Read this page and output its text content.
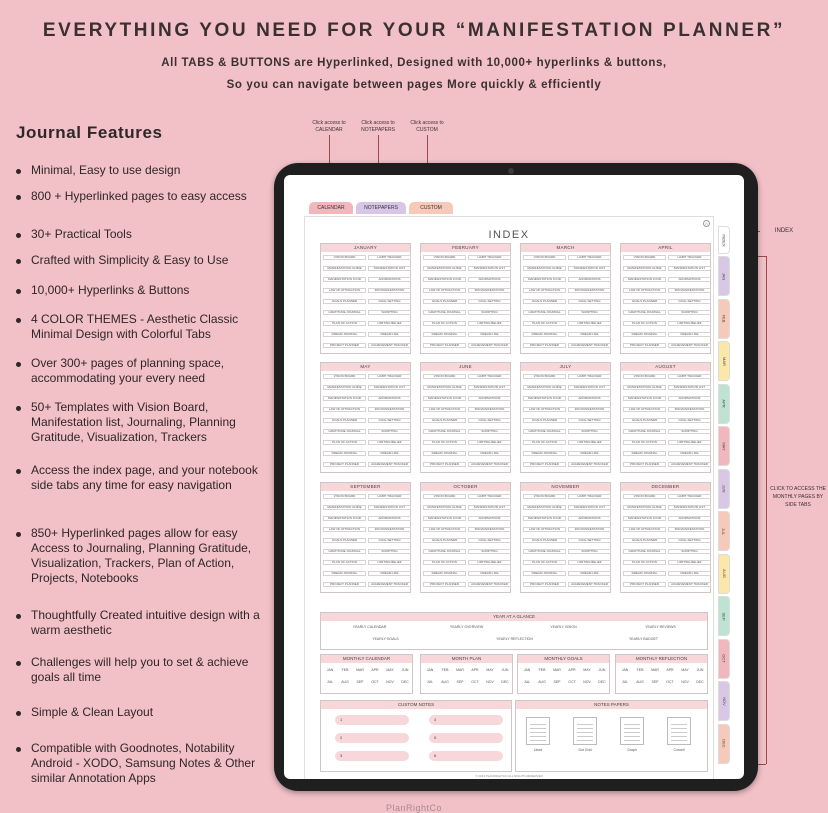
EVERYTHING YOU NEED FOR YOUR “MANIFESTATION PLANNER”
All TABS & BUTTONS are Hyperlinked, Designed with 10,000+ hyperlinks & buttons,
So you can navigate between pages More quickly & efficiently
Journal Features
Minimal, Easy to use design
800 + Hyperlinked pages to easy access
30+ Practical Tools
Crafted with Simplicity & Easy to Use
10,000+ Hyperlinks & Buttons
4 COLOR THEMES - Aesthetic Classic Minimal Design with Colorful Tabs
Over 300+ pages of planning space, accommodating your every need
50+ Templates with Vision Board, Manifestation list, Journaling, Planning Gratitude, Visualization, Trackers
Access the index page, and your notebook side tabs any time for easy navigation
850+ Hyperlinked pages allow for easy Access to Journaling, Planning Gratitude, Visualization, Trackers, Plan of Action, Projects, Notebooks
Thoughtfully Created intuitive design with a warm aesthetic
Challenges will help you to set & achieve goals all time
Simple & Clean Layout
Compatible with Goodnotes, Notability Android - XODO, Samsung Notes & Other similar Annotation Apps
Click access to CALENDAR
Click access to NOTEPAPERS
Click access to CUSTOM
INDEX
CLICK TO ACCESS THE MONTHLY PAGES BY SIDE TABS
CALENDAR	NOTEPAPERS	CUSTOM
⌂
INDEX
JANUARY
VISION BOARD	HABIT TRACKER
MANIFESTATION GUIDE	MANIFESTATION LIST
MANIFESTATION JOUR	AFFIRMATIONS
LAW OF ATTRACTION	369 MANIFESTATION
GOALS PLANNER	GOAL SETTING
GRATITUDE JOURNAL	SCRIPTING
PLAN OF ACTION	LIMITING BELIEF
DREAM JOURNAL	DREAM LIFE
PROJECT PLANNER	ACHIEVEMENT TRACKER
FEBRUARY
VISION BOARD	HABIT TRACKER
MANIFESTATION GUIDE	MANIFESTATION LIST
MANIFESTATION JOUR	AFFIRMATIONS
LAW OF ATTRACTION	369 MANIFESTATION
GOALS PLANNER	GOAL SETTING
GRATITUDE JOURNAL	SCRIPTING
PLAN OF ACTION	LIMITING BELIEF
DREAM JOURNAL	DREAM LIFE
PROJECT PLANNER	ACHIEVEMENT TRACKER
MARCH
VISION BOARD	HABIT TRACKER
MANIFESTATION GUIDE	MANIFESTATION LIST
MANIFESTATION JOUR	AFFIRMATIONS
LAW OF ATTRACTION	369 MANIFESTATION
GOALS PLANNER	GOAL SETTING
GRATITUDE JOURNAL	SCRIPTING
PLAN OF ACTION	LIMITING BELIEF
DREAM JOURNAL	DREAM LIFE
PROJECT PLANNER	ACHIEVEMENT TRACKER
APRIL
VISION BOARD	HABIT TRACKER
MANIFESTATION GUIDE	MANIFESTATION LIST
MANIFESTATION JOUR	AFFIRMATIONS
LAW OF ATTRACTION	369 MANIFESTATION
GOALS PLANNER	GOAL SETTING
GRATITUDE JOURNAL	SCRIPTING
PLAN OF ACTION	LIMITING BELIEF
DREAM JOURNAL	DREAM LIFE
PROJECT PLANNER	ACHIEVEMENT TRACKER
MAY
VISION BOARD	HABIT TRACKER
MANIFESTATION GUIDE	MANIFESTATION LIST
MANIFESTATION JOUR	AFFIRMATIONS
LAW OF ATTRACTION	369 MANIFESTATION
GOALS PLANNER	GOAL SETTING
GRATITUDE JOURNAL	SCRIPTING
PLAN OF ACTION	LIMITING BELIEF
DREAM JOURNAL	DREAM LIFE
PROJECT PLANNER	ACHIEVEMENT TRACKER
JUNE
VISION BOARD	HABIT TRACKER
MANIFESTATION GUIDE	MANIFESTATION LIST
MANIFESTATION JOUR	AFFIRMATIONS
LAW OF ATTRACTION	369 MANIFESTATION
GOALS PLANNER	GOAL SETTING
GRATITUDE JOURNAL	SCRIPTING
PLAN OF ACTION	LIMITING BELIEF
DREAM JOURNAL	DREAM LIFE
PROJECT PLANNER	ACHIEVEMENT TRACKER
JULY
VISION BOARD	HABIT TRACKER
MANIFESTATION GUIDE	MANIFESTATION LIST
MANIFESTATION JOUR	AFFIRMATIONS
LAW OF ATTRACTION	369 MANIFESTATION
GOALS PLANNER	GOAL SETTING
GRATITUDE JOURNAL	SCRIPTING
PLAN OF ACTION	LIMITING BELIEF
DREAM JOURNAL	DREAM LIFE
PROJECT PLANNER	ACHIEVEMENT TRACKER
AUGUST
VISION BOARD	HABIT TRACKER
MANIFESTATION GUIDE	MANIFESTATION LIST
MANIFESTATION JOUR	AFFIRMATIONS
LAW OF ATTRACTION	369 MANIFESTATION
GOALS PLANNER	GOAL SETTING
GRATITUDE JOURNAL	SCRIPTING
PLAN OF ACTION	LIMITING BELIEF
DREAM JOURNAL	DREAM LIFE
PROJECT PLANNER	ACHIEVEMENT TRACKER
SEPTEMBER
VISION BOARD	HABIT TRACKER
MANIFESTATION GUIDE	MANIFESTATION LIST
MANIFESTATION JOUR	AFFIRMATIONS
LAW OF ATTRACTION	369 MANIFESTATION
GOALS PLANNER	GOAL SETTING
GRATITUDE JOURNAL	SCRIPTING
PLAN OF ACTION	LIMITING BELIEF
DREAM JOURNAL	DREAM LIFE
PROJECT PLANNER	ACHIEVEMENT TRACKER
OCTOBER
VISION BOARD	HABIT TRACKER
MANIFESTATION GUIDE	MANIFESTATION LIST
MANIFESTATION JOUR	AFFIRMATIONS
LAW OF ATTRACTION	369 MANIFESTATION
GOALS PLANNER	GOAL SETTING
GRATITUDE JOURNAL	SCRIPTING
PLAN OF ACTION	LIMITING BELIEF
DREAM JOURNAL	DREAM LIFE
PROJECT PLANNER	ACHIEVEMENT TRACKER
NOVEMBER
VISION BOARD	HABIT TRACKER
MANIFESTATION GUIDE	MANIFESTATION LIST
MANIFESTATION JOUR	AFFIRMATIONS
LAW OF ATTRACTION	369 MANIFESTATION
GOALS PLANNER	GOAL SETTING
GRATITUDE JOURNAL	SCRIPTING
PLAN OF ACTION	LIMITING BELIEF
DREAM JOURNAL	DREAM LIFE
PROJECT PLANNER	ACHIEVEMENT TRACKER
DECEMBER
VISION BOARD	HABIT TRACKER
MANIFESTATION GUIDE	MANIFESTATION LIST
MANIFESTATION JOUR	AFFIRMATIONS
LAW OF ATTRACTION	369 MANIFESTATION
GOALS PLANNER	GOAL SETTING
GRATITUDE JOURNAL	SCRIPTING
PLAN OF ACTION	LIMITING BELIEF
DREAM JOURNAL	DREAM LIFE
PROJECT PLANNER	ACHIEVEMENT TRACKER
YEAR AT A GLANCE
YEARLY CALENDAR	YEARLY OVERVIEW	YEARLY VISION	YEARLY REVIEWS
YEARLY GOALS	YEARLY REFLECTION	YEARLY BUDGET
MONTHLY CALENDAR
JAN	FEB	MAR	APR	MAY	JUN
JUL	AUG	SEP	OCT	NOV	DEC
MONTH PLAN
JAN	FEB	MAR	APR	MAY	JUN
JUL	AUG	SEP	OCT	NOV	DEC
MONTHLY GOALS
JAN	FEB	MAR	APR	MAY	JUN
JUL	AUG	SEP	OCT	NOV	DEC
MONTHLY REFLECTION
JAN	FEB	MAR	APR	MAY	JUN
JUL	AUG	SEP	OCT	NOV	DEC
CUSTOM NOTES
1
2
3
4
5
6
NOTES PAPERS
Lined	Dot Grid	Graph	Cornell
© 2024 PLANRIGHTCO ALL RIGHTS RESERVED
INDEX
JAN
FEB
MAR
APR
MAY
JUN
JUL
AUG
SEP
OCT
NOV
DEC
PlanRightCo
